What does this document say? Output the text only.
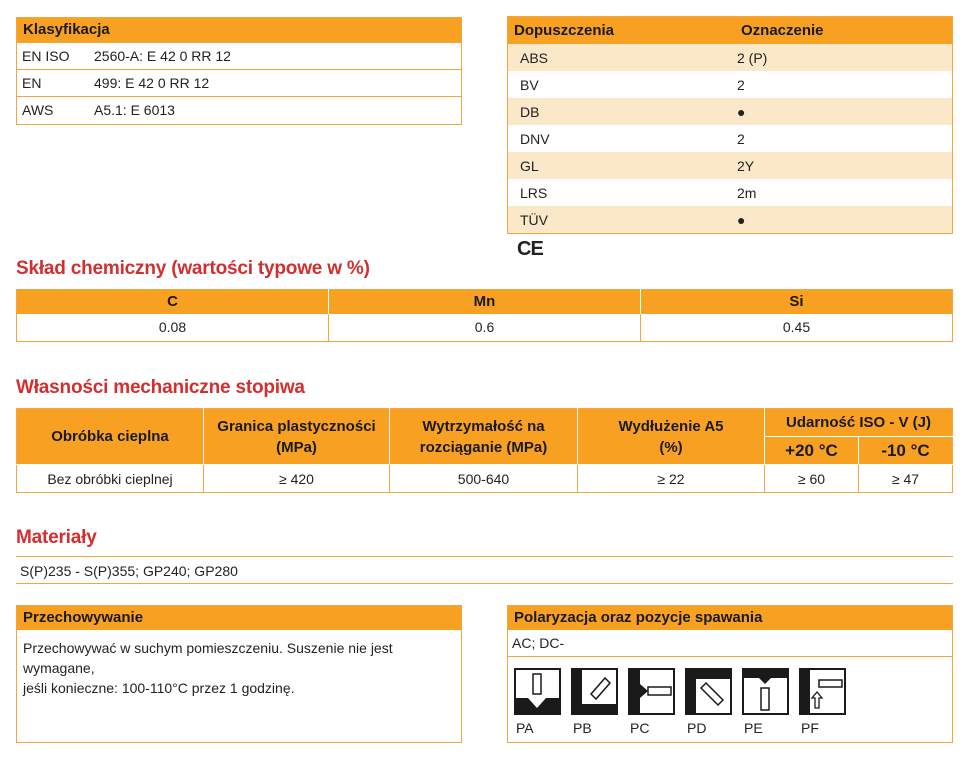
Klasyfikacja
EN ISO	2560-A: E 42 0 RR 12
EN	499: E 42 0 RR 12
AWS	A5.1: E 6013
Dopuszczenia	Oznaczenie
ABS	2 (P)
BV	2
DB	●
DNV	2
GL	2Y
LRS	2m
TÜV	●
CE
Skład chemiczny (wartości typowe w %)
C	Mn	Si
0.08	0.6	0.45
Własności mechaniczne stopiwa
Obróbka cieplna	Granica plastyczności (MPa)	Wytrzymałość na rozciąganie (MPa)	Wydłużenie A5 (%)	Udarność ISO - V (J)	
				+20 °C	-10 °C
Bez obróbki cieplnej	≥ 420	500-640	≥ 22	≥ 60	≥ 47
Materiały
S(P)235 - S(P)355; GP240; GP280
Przechowywanie
Przechowywać w suchym pomieszczeniu. Suszenie nie jest wymagane,
jeśli konieczne: 100-110°C przez 1 godzinę.
Polaryzacja oraz pozycje spawania
AC; DC-
PA	PB	PC	PD	PE	PF
